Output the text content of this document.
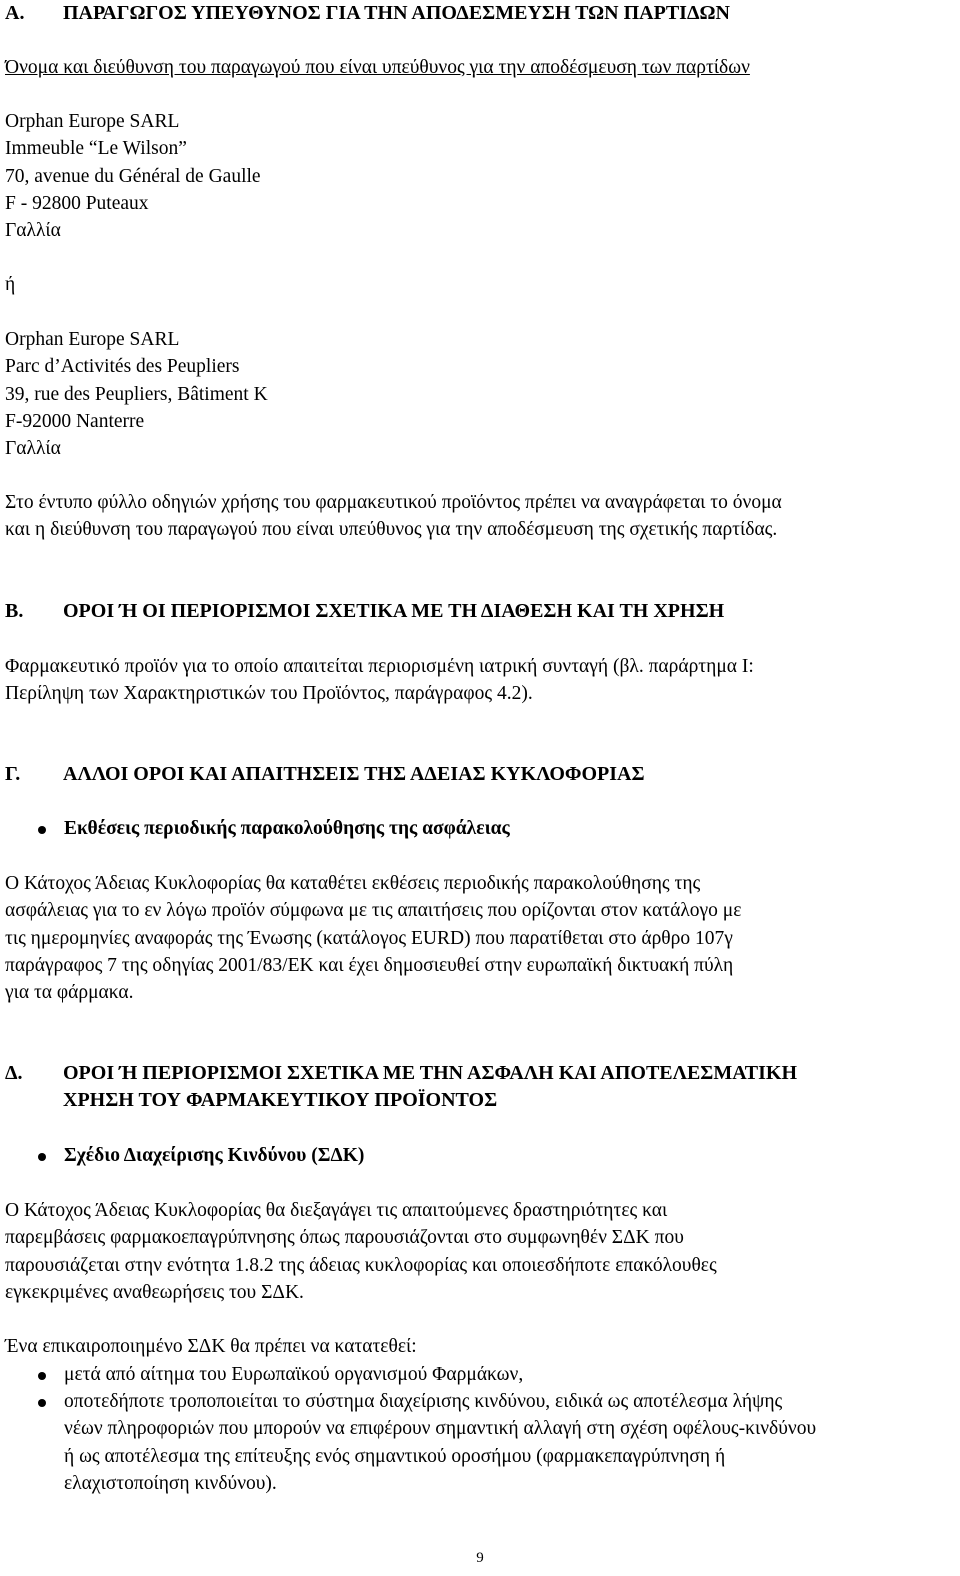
Α. ΠΑΡΑΓΩΓΟΣ ΥΠΕΥΘΥΝΟΣ ΓΙΑ ΤΗΝ ΑΠΟΔΕΣΜΕΥΣΗ ΤΩΝ ΠΑΡΤΙΔΩΝ
Όνομα και διεύθυνση του παραγωγού που είναι υπεύθυνος για την αποδέσμευση των παρτίδων
Orphan Europe SARL
Immeuble “Le Wilson”
70, avenue du Général de Gaulle
F - 92800 Puteaux
Γαλλία
ή
Orphan Europe SARL
Parc d’Activités des Peupliers
39, rue des Peupliers, Bâtiment K
F-92000 Nanterre
Γαλλία
Στο έντυπο φύλλο οδηγιών χρήσης του φαρμακευτικού προϊόντος πρέπει να αναγράφεται το όνομα
και η διεύθυνση του παραγωγού που είναι υπεύθυνος για την αποδέσμευση της σχετικής παρτίδας.
Β. ΟΡΟΙ Ή ΟΙ ΠΕΡΙΟΡΙΣΜΟΙ ΣΧΕΤΙΚΑ ΜΕ ΤΗ ΔΙΑΘΕΣΗ ΚΑΙ ΤΗ ΧΡΗΣΗ
Φαρμακευτικό προϊόν για το οποίο απαιτείται περιορισμένη ιατρική συνταγή (βλ. παράρτημα Ι:
Περίληψη των Χαρακτηριστικών του Προϊόντος, παράγραφος 4.2).
Γ. ΑΛΛΟΙ ΟΡΟΙ ΚΑΙ ΑΠΑΙΤΗΣΕΙΣ ΤΗΣ ΑΔΕΙΑΣ ΚΥΚΛΟΦΟΡΙΑΣ
Εκθέσεις περιοδικής παρακολούθησης της ασφάλειας
Ο Κάτοχος Άδειας Κυκλοφορίας θα καταθέτει εκθέσεις περιοδικής παρακολούθησης της
ασφάλειας για το εν λόγω προϊόν σύμφωνα με τις απαιτήσεις που ορίζονται στον κατάλογο με
τις ημερομηνίες αναφοράς της Ένωσης (κατάλογος EURD) που παρατίθεται στο άρθρο 107γ
παράγραφος 7 της οδηγίας 2001/83/ΕΚ και έχει δημοσιευθεί στην ευρωπαϊκή δικτυακή πύλη
για τα φάρμακα.
Δ. ΟΡΟΙ Ή ΠΕΡΙΟΡΙΣΜΟΙ ΣΧΕΤΙΚΑ ΜΕ ΤΗΝ ΑΣΦΑΛΗ ΚΑΙ ΑΠΟΤΕΛΕΣΜΑΤΙΚΗ
ΧΡΗΣΗ ΤΟΥ ΦΑΡΜΑΚΕΥΤΙΚΟΥ ΠΡΟΪΟΝΤΟΣ
Σχέδιο Διαχείρισης Κινδύνου (ΣΔΚ)
Ο Κάτοχος Άδειας Κυκλοφορίας θα διεξαγάγει τις απαιτούμενες δραστηριότητες και
παρεμβάσεις φαρμακοεπαγρύπνησης όπως παρουσιάζονται στο συμφωνηθέν ΣΔΚ που
παρουσιάζεται στην ενότητα 1.8.2 της άδειας κυκλοφορίας και οποιεσδήποτε επακόλουθες
εγκεκριμένες αναθεωρήσεις του ΣΔΚ.
Ένα επικαιροποιημένο ΣΔΚ θα πρέπει να κατατεθεί:
μετά από αίτημα του Ευρωπαϊκού οργανισμού Φαρμάκων,
οποτεδήποτε τροποποιείται το σύστημα διαχείρισης κινδύνου, ειδικά ως αποτέλεσμα λήψης
νέων πληροφοριών που μπορούν να επιφέρουν σημαντική αλλαγή στη σχέση οφέλους-κινδύνου
ή ως αποτέλεσμα της επίτευξης ενός σημαντικού οροσήμου (φαρμακεπαγρύπνηση ή
ελαχιστοποίηση κινδύνου).
9
